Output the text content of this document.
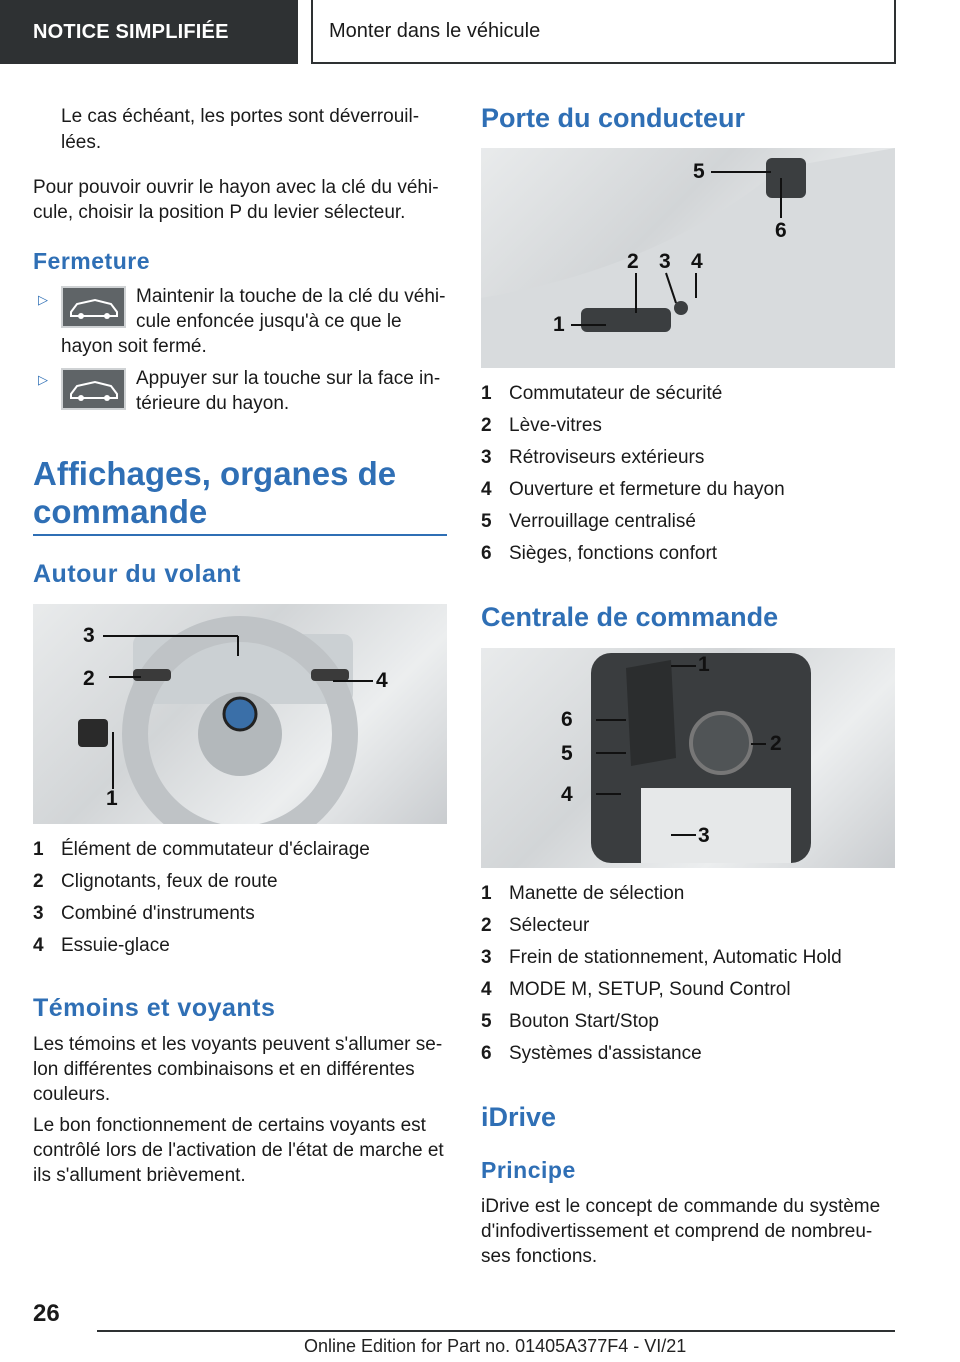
NOTICE SIMPLIFIÉE	Monter dans le véhicule

Le cas échéant, les portes sont déverrouil-

lées.

Pour pouvoir ouvrir le hayon avec la clé du véhi-

cule, choisir la position P du levier sélecteur.

Fermeture
▷	Maintenir la touche de la clé du véhi-

cule enfoncée jusqu'à ce que le

hayon soit fermé.

▷	Appuyer sur la touche sur la face in-

térieure du hayon.

Affichages, organes de
commande
Autour du volant
3
2	4
1
1 Élément de commutateur d'éclairage
2 Clignotants, feux de route
3 Combiné d'instruments
4 Essuie-glace
Témoins et voyants

Les témoins et les voyants peuvent s'allumer se-

lon différentes combinaisons et en différentes

couleurs.

Le bon fonctionnement de certains voyants est

contrôlé lors de l'activation de l'état de marche et

ils s'allument brièvement.

Porte du conducteur
5
6
2 3 4
1
1 Commutateur de sécurité
2 Lève-vitres
3 Rétroviseurs extérieurs
4 Ouverture et fermeture du hayon
5 Verrouillage centralisé
6 Sièges, fonctions confort
Centrale de commande
1
6
5	2
4
3
1 Manette de sélection
2 Sélecteur
3 Frein de stationnement, Automatic Hold
4 MODE M, SETUP, Sound Control
5 Bouton Start/Stop
6 Systèmes d'assistance
iDrive
Principe

iDrive est le concept de commande du système

d'infodivertissement et comprend de nombreu-

ses fonctions.

26
Online Edition for Part no. 01405A377F4 - VI/21
